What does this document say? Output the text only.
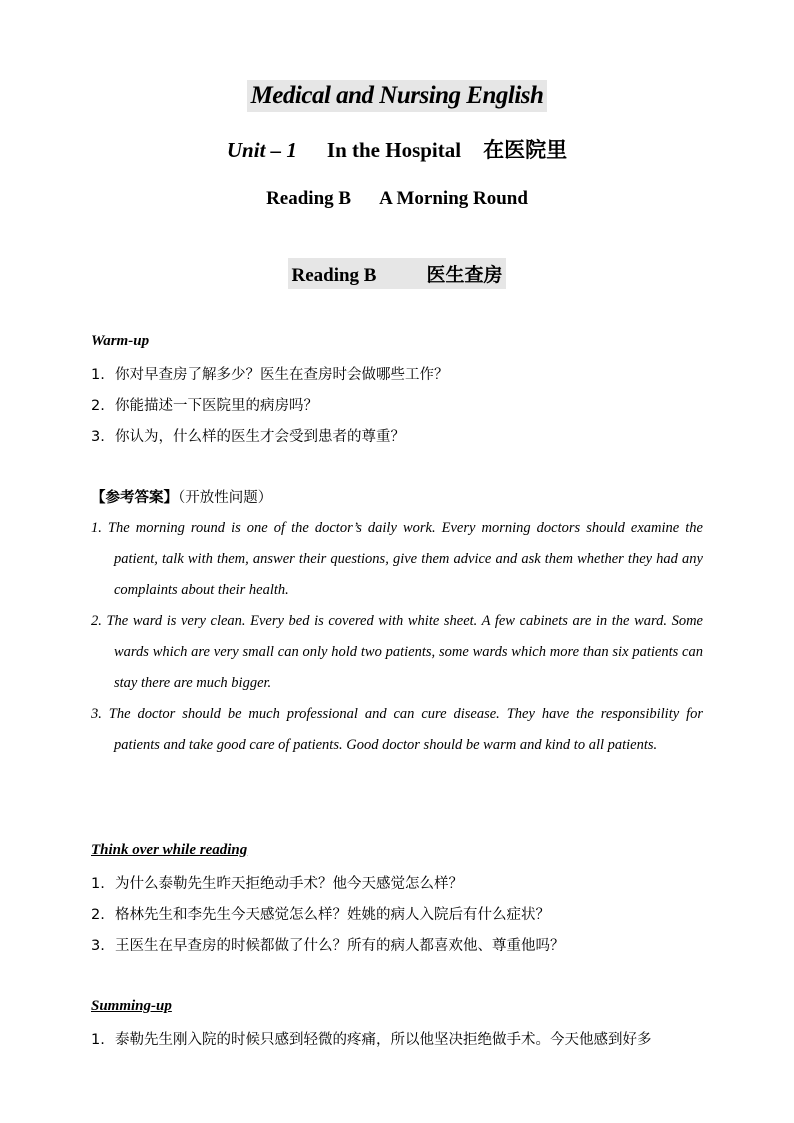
Medical and Nursing English
Unit – 1 In the Hospital 在医院里
Reading B A Morning Round
Reading B	医生查房
Warm-up
1. 你对早查房了解多少？医生在查房时会做哪些工作？
2. 你能描述一下医院里的病房吗？
3. 你认为，什么样的医生才会受到患者的尊重？
【参考答案】（开放性问题）

1. The morning round is one of the doctor’s daily work. Every morning doctors should examine the patient, talk with them, answer their questions, give them advice and ask them whether they had any complaints about their health.

2. The ward is very clean. Every bed is covered with white sheet. A few cabinets are in the ward. Some wards which are very small can only hold two patients, some wards which more than six patients can stay there are much bigger.

3. The doctor should be much professional and can cure disease. They have the responsibility for patients and take good care of patients. Good doctor should be warm and kind to all patients.

Think over while reading
1. 为什么泰勒先生昨天拒绝动手术？他今天感觉怎么样？
2. 格林先生和李先生今天感觉怎么样？姓姚的病人入院后有什么症状？
3. 王医生在早查房的时候都做了什么？所有的病人都喜欢他、尊重他吗？
Summing-up
1. 泰勒先生刚入院的时候只感到轻微的疼痛，所以他坚决拒绝做手术。今天他感到好多
